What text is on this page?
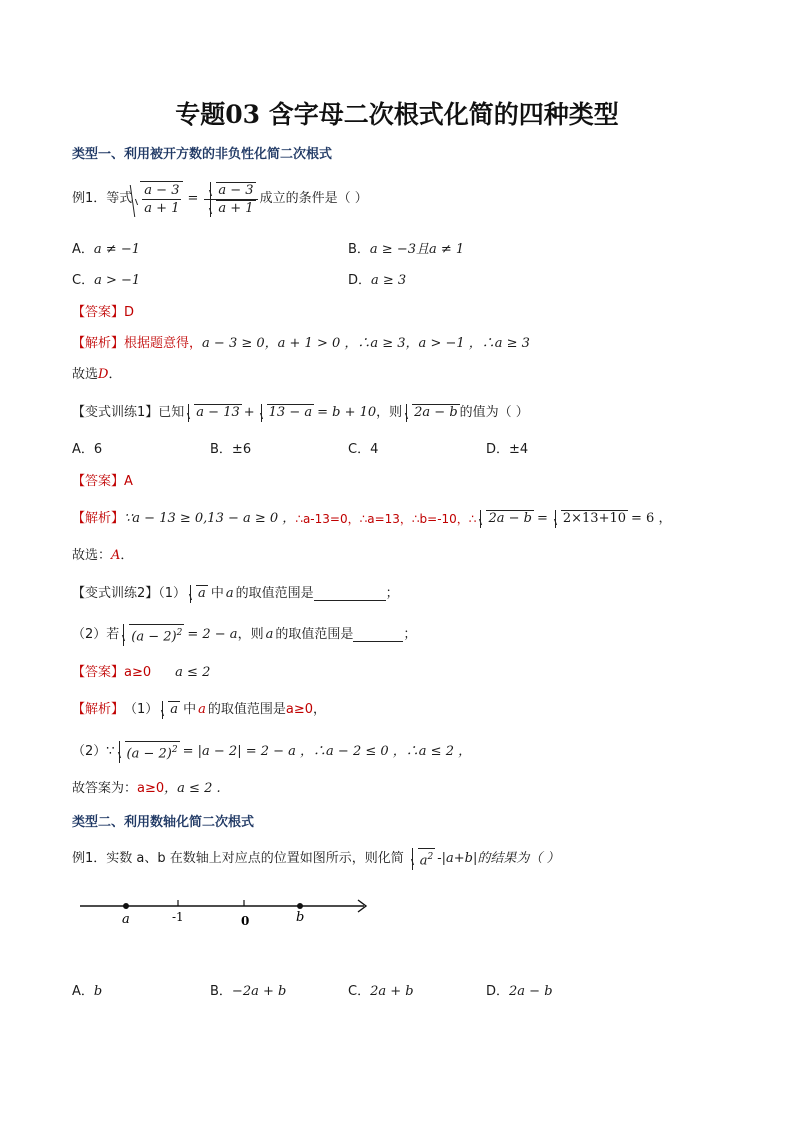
专题03 含字母二次根式化简的四种类型
类型一、利用被开方数的非负性化简二次根式
例1．等式 $\frac{a - 3}{a + 1} = \frac{a - 3}{a + 1}$ 成立的条件是（ ）
A．a ≠ −1	B．a ≥ −3且a ≠ 1
C．a > −1	D．a ≥ 3
【答案】D
【解析】根据题意得，a − 3 ≥ 0，a + 1 > 0 ，∴a ≥ 3，a > −1 ，∴a ≥ 3
故选D．
【变式训练1】已知 a − 13 +	13 − a = b + 10 ，则 2a − b 的值为（ ）
A．6	B．±6	C．4	D．±4
【答案】A
【解析】 ∵a − 13 ≥ 0,13 − a ≥ 0 ， ∴a-13=0，∴a=13，∴b=-10，∴ 2a − b =	2×13+10 = 6 ，
故选：A．
【变式训练2】（1） a 中 a 的取值范围是	；
（2）若 $(a - 2)^2 = 2 - a$ ，则 a 的取值范围是	；
【答案】a≥0 a ≤ 2
【解析】 （1） a 中 a 的取值范围是 a≥0 ，
（2）∵ $(a - 2)^2 = |a - 2| = 2 - a$ ，∴a − 2 ≤ 0 ，∴a ≤ 2 ，
故答案为：a≥0，a ≤ 2 .
类型二、利用数轴化简二次根式
例1．实数 a、b 在数轴上对应点的位置如图所示，则化简	$a^2$ -|a+b|的结果为（ ）
a	-1	0	b
A．b	B．−2a + b	C．2a + b	D．2a − b
